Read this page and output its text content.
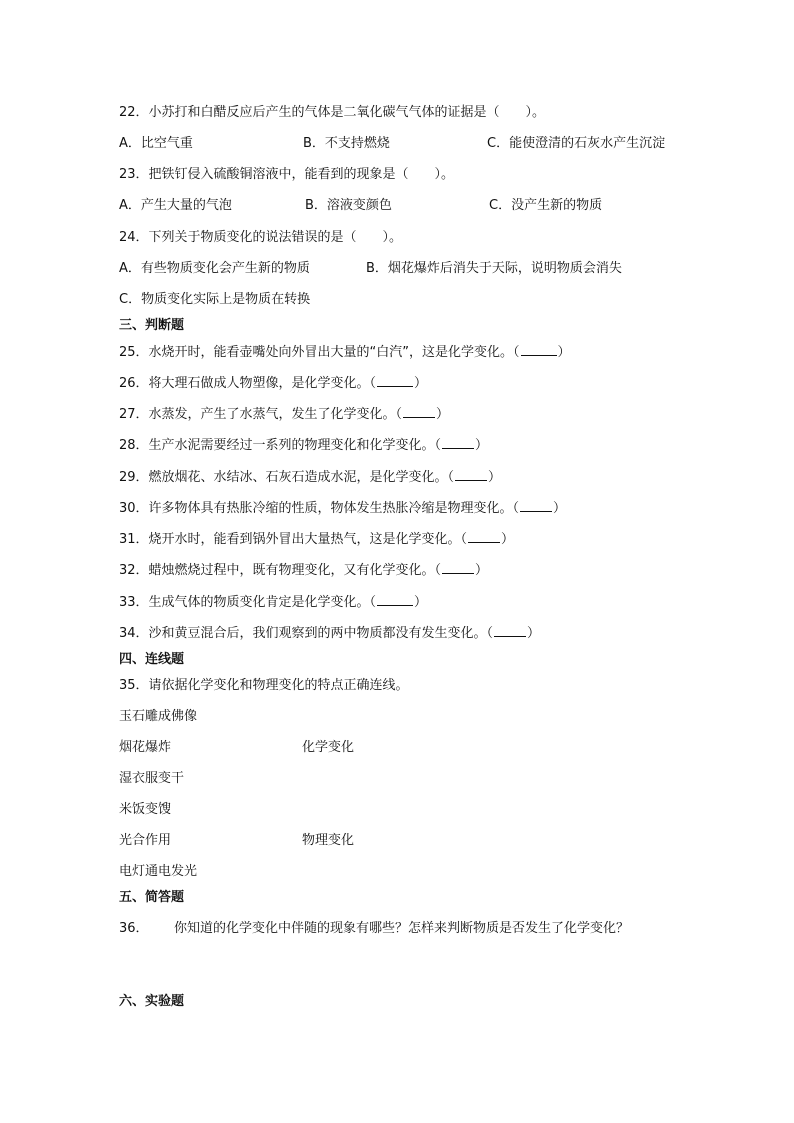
22．小苏打和白醋反应后产生的气体是二氧化碳气气体的证据是（　　）。
A．比空气重	B．不支持燃烧	C．能使澄清的石灰水产生沉淀
23．把铁钉侵入硫酸铜溶液中，能看到的现象是（　　）。
A．产生大量的气泡	B．溶液变颜色	C．没产生新的物质
24．下列关于物质变化的说法错误的是（　　）。
A．有些物质变化会产生新的物质	B．烟花爆炸后消失于天际，说明物质会消失
C．物质变化实际上是物质在转换
三、判断题
25．水烧开时，能看壶嘴处向外冒出大量的“白汽”，这是化学变化。（	）
26．将大理石做成人物塑像，是化学变化。（	）
27．水蒸发，产生了水蒸气，发生了化学变化。（	）
28．生产水泥需要经过一系列的物理变化和化学变化。（	）
29．燃放烟花、水结冰、石灰石造成水泥，是化学变化。（	）
30．许多物体具有热胀冷缩的性质，物体发生热胀冷缩是物理变化。（	）
31．烧开水时，能看到锅外冒出大量热气，这是化学变化。（	）
32．蜡烛燃烧过程中，既有物理变化，又有化学变化。（	）
33．生成气体的物质变化肯定是化学变化。（	）
34．沙和黄豆混合后，我们观察到的两中物质都没有发生变化。（	）
四、连线题
35．请依据化学变化和物理变化的特点正确连线。
玉石雕成佛像
烟花爆炸	化学变化
湿衣服变干
米饭变馊
光合作用	物理变化
电灯通电发光
五、简答题
36． 你知道的化学变化中伴随的现象有哪些？怎样来判断物质是否发生了化学变化？
六、实验题
